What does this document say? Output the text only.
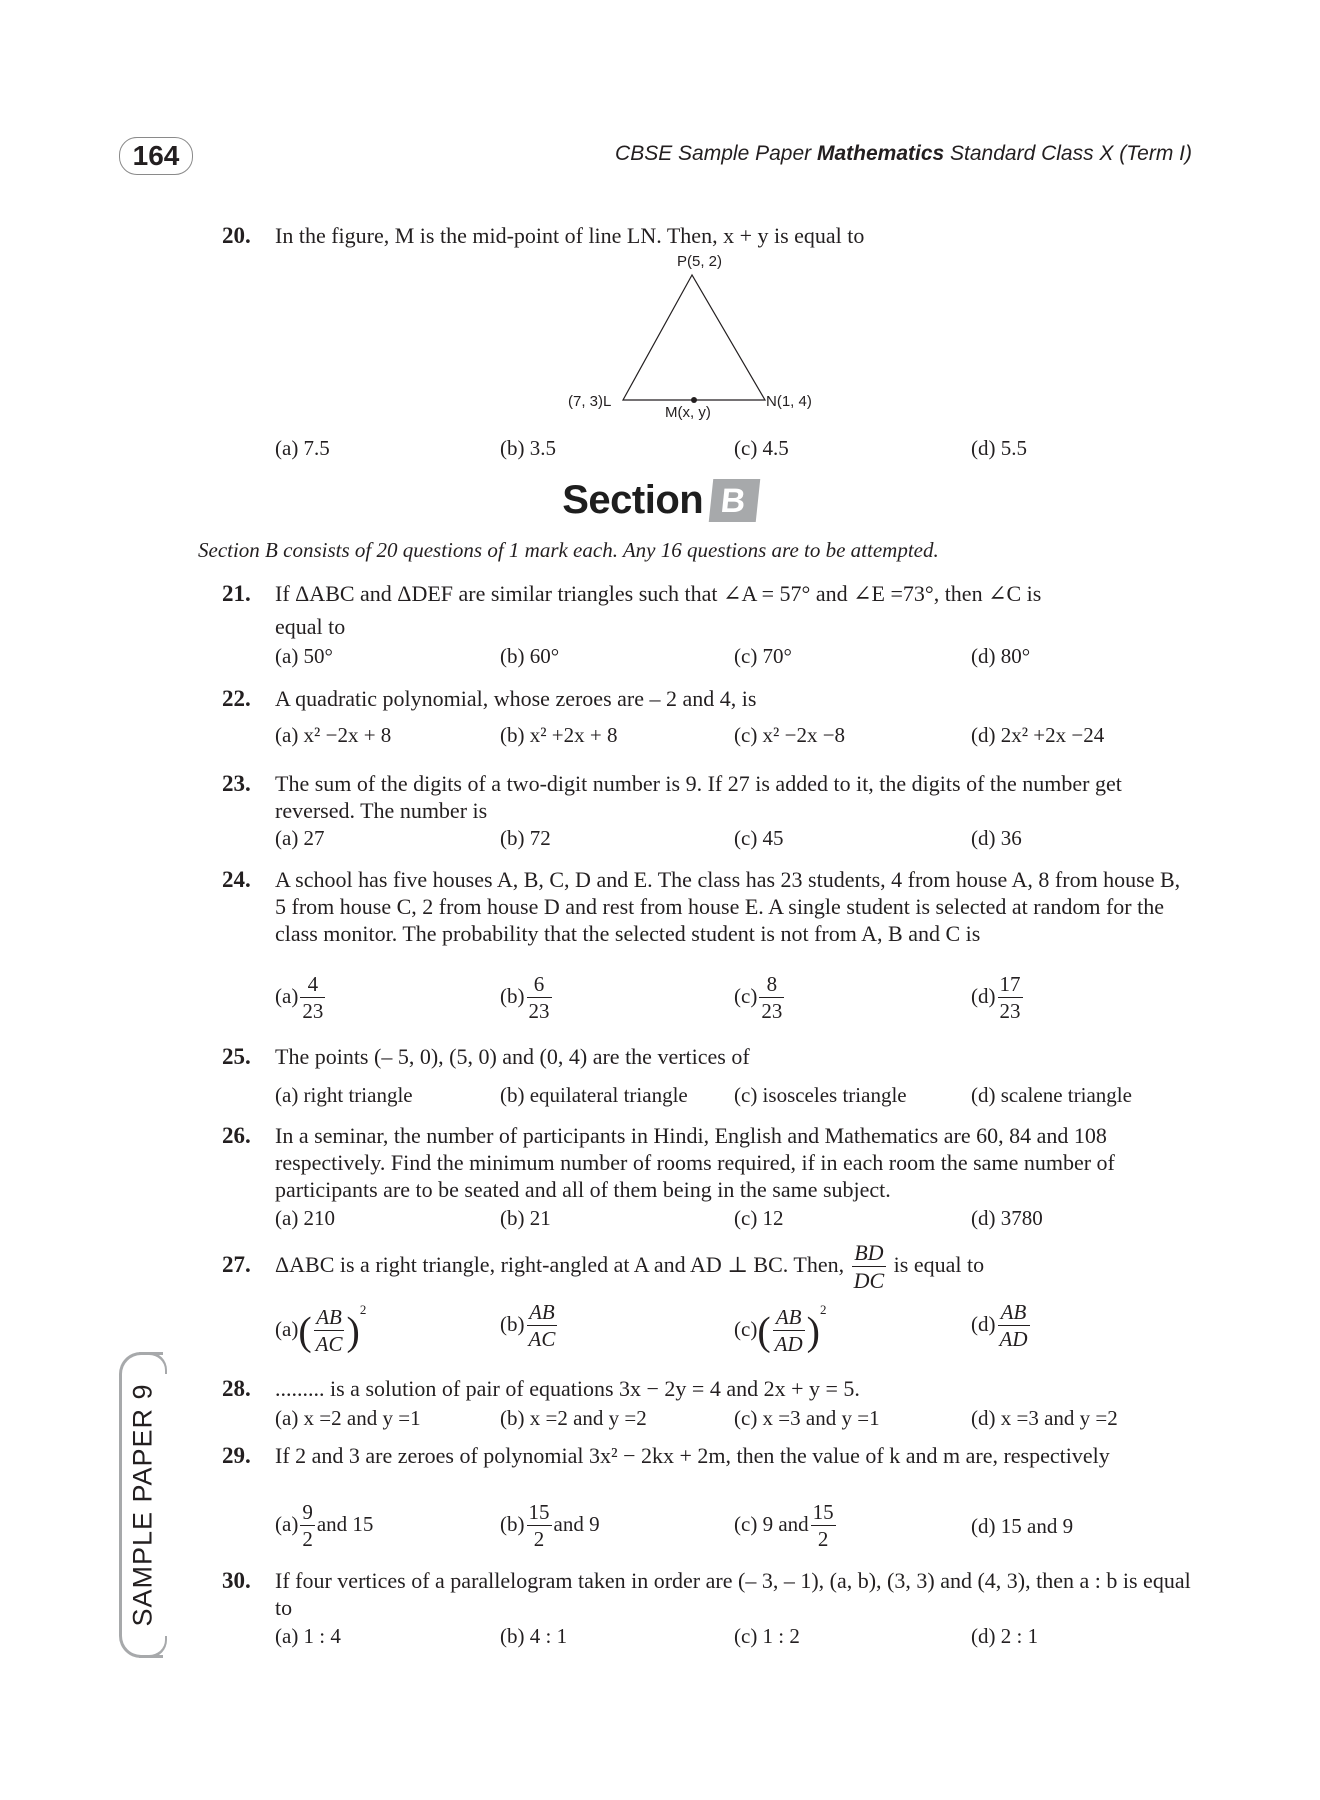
164	CBSE Sample Paper Mathematics Standard Class X (Term I)
20. In the figure, M is the mid-point of line LN. Then, x + y is equal to
P(5, 2)
(7, 3)L	N(1, 4)
M(x, y)
(a) 7.5	(b) 3.5	(c) 4.5	(d) 5.5
Section B
Section B consists of 20 questions of 1 mark each. Any 16 questions are to be attempted.
21. If ΔABC and ΔDEF are similar triangles such that ∠A = 57° and ∠E =73°, then ∠C is
equal to
(a) 50°	(b) 60°	(c) 70°	(d) 80°
22. A quadratic polynomial, whose zeroes are – 2 and 4, is
(a) x² −2x + 8	(b) x² +2x + 8	(c) x² −2x −8	(d) 2x² +2x −24
23. The sum of the digits of a two-digit number is 9. If 27 is added to it, the digits of the number get reversed. The number is
(a) 27	(b) 72	(c) 45	(d) 36
24. A school has five houses A, B, C, D and E. The class has 23 students, 4 from house A, 8 from house B, 5 from house C, 2 from house D and rest from house E. A single student is selected at random for the class monitor. The probability that the selected student is not from A, B and C is
$(a) \frac{4}{23}$	$(b) \frac{6}{23}$	$(c) \frac{8}{23}$	$(d) \frac{17}{23}$
25. The points (– 5, 0), (5, 0) and (0, 4) are the vertices of
(a) right triangle	(b) equilateral triangle (c) isosceles triangle	(d) scalene triangle
26. In a seminar, the number of participants in Hindi, English and Mathematics are 60, 84 and 108 respectively. Find the minimum number of rooms required, if in each room the same number of participants are to be seated and all of them being in the same subject.
(a) 210	(b) 21	(c) 12	(d) 3780
27. ΔABC is a right triangle, right-angled at A and AD ⊥ BC. Then, $\frac{BD}{DC}$ is equal to
$(a)( \frac{AB}{AC} )^2$
$(b) \frac{AB}{AC}$	$(c)( \frac{AB}{AD} )^2$
$(d) \frac{AB}{AD}$
28. ......... is a solution of pair of equations 3x − 2y = 4 and 2x + y = 5.
(a) x =2 and y =1	(b) x =2 and y =2	(c) x =3 and y =1	(d) x =3 and y =2
29. If 2 and 3 are zeroes of polynomial 3x² − 2kx + 2m, then the value of k and m are, respectively
$(a) \frac{9}{2}$ and 15	$(b) \frac{15}{2}$ and 9	(c) 9 and $\frac{15}{2}$	(d) 15 and 9
30. If four vertices of a parallelogram taken in order are (– 3, – 1), (a, b), (3, 3) and (4, 3), then a : b is equal to
(a) 1 : 4	(b) 4 : 1	(c) 1 : 2	(d) 2 : 1
SAMPLE PAPER 9
